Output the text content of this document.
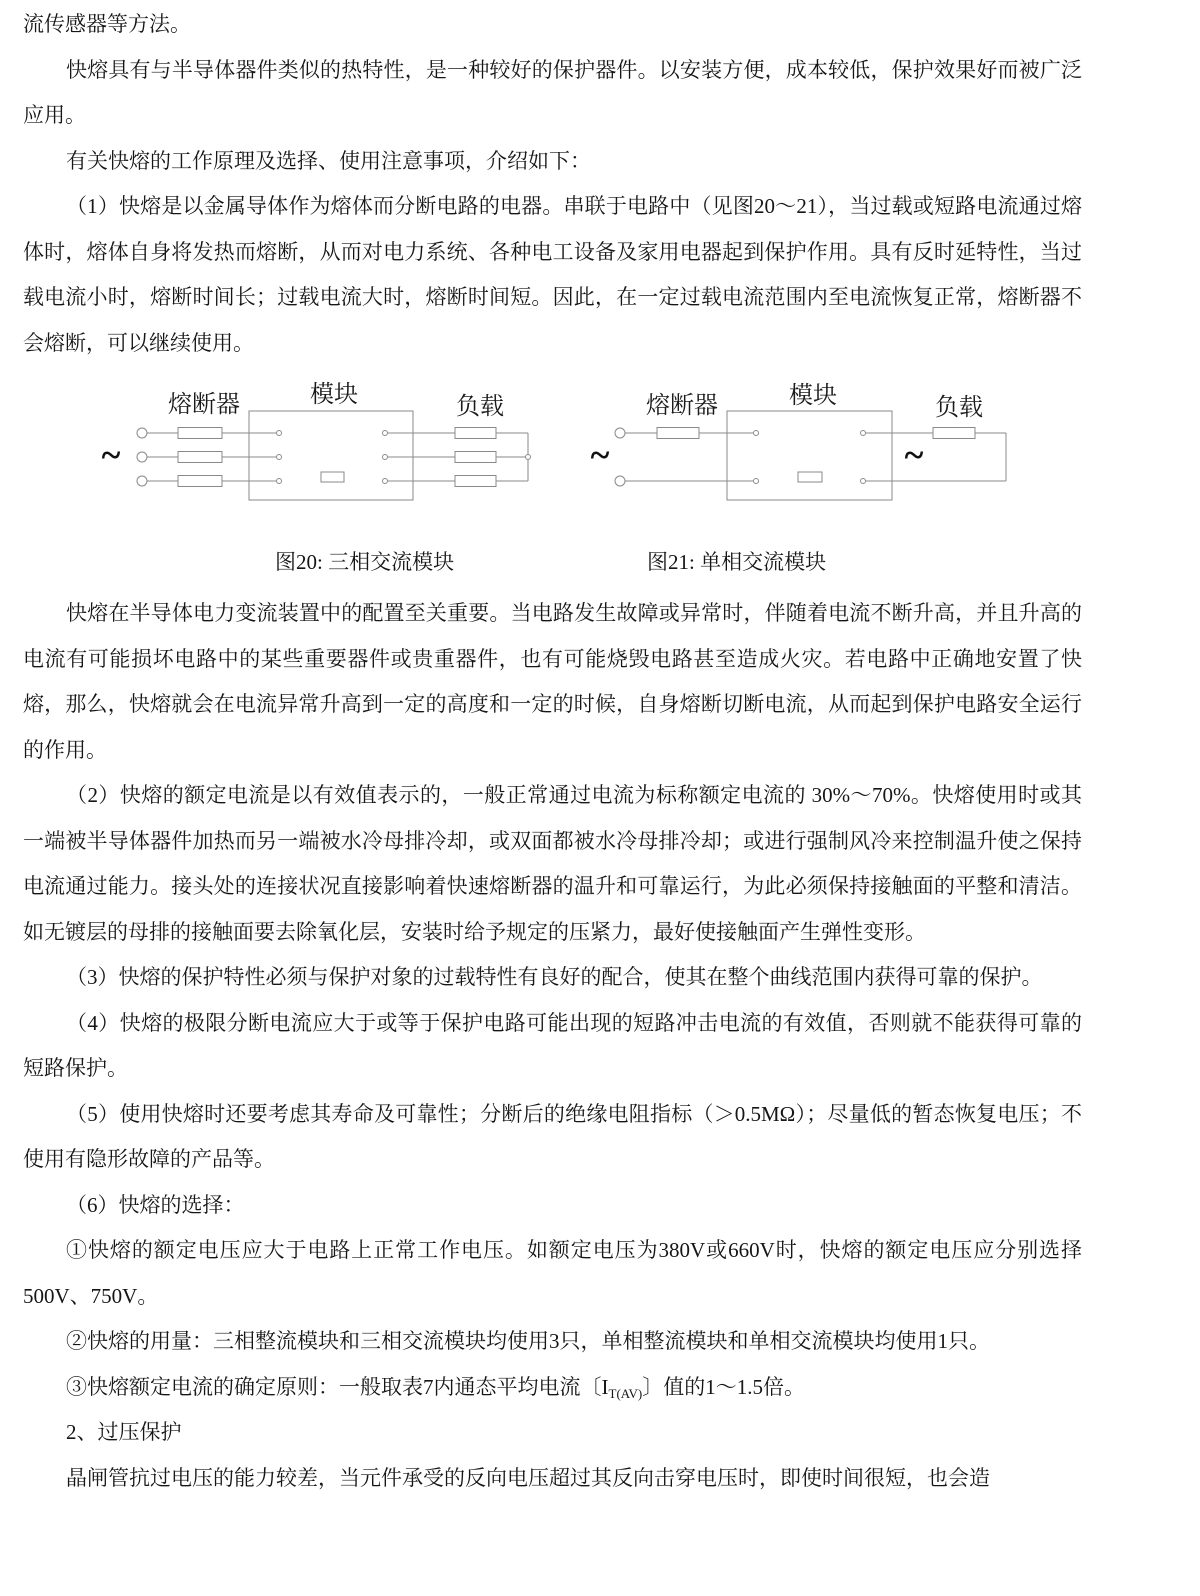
流传感器等方法。

快熔具有与半导体器件类似的热特性，是一种较好的保护器件。以安装方便，成本较低，保护效果好而被广泛应用。

有关快熔的工作原理及选择、使用注意事项，介绍如下：

（1）快熔是以金属导体作为熔体而分断电路的电器。串联于电路中（见图20～21），当过载或短路电流通过熔体时，熔体自身将发热而熔断，从而对电力系统、各种电工设备及家用电器起到保护作用。具有反时延特性，当过载电流小时，熔断时间长；过载电流大时，熔断时间短。因此，在一定过载电流范围内至电流恢复正常，熔断器不会熔断，可以继续使用。

~
熔断器	模块	负载
~	~
熔断器	模块	负载
图20: 三相交流模块	图21: 单相交流模块

快熔在半导体电力变流装置中的配置至关重要。当电路发生故障或异常时，伴随着电流不断升高，并且升高的电流有可能损坏电路中的某些重要器件或贵重器件，也有可能烧毁电路甚至造成火灾。若电路中正确地安置了快熔，那么，快熔就会在电流异常升高到一定的高度和一定的时候，自身熔断切断电流，从而起到保护电路安全运行的作用。

（2）快熔的额定电流是以有效值表示的，一般正常通过电流为标称额定电流的 30%～70%。快熔使用时或其一端被半导体器件加热而另一端被水冷母排冷却，或双面都被水冷母排冷却；或进行强制风冷来控制温升使之保持电流通过能力。接头处的连接状况直接影响着快速熔断器的温升和可靠运行，为此必须保持接触面的平整和清洁。如无镀层的母排的接触面要去除氧化层，安装时给予规定的压紧力，最好使接触面产生弹性变形。

（3）快熔的保护特性必须与保护对象的过载特性有良好的配合，使其在整个曲线范围内获得可靠的保护。

（4）快熔的极限分断电流应大于或等于保护电路可能出现的短路冲击电流的有效值，否则就不能获得可靠的短路保护。

（5）使用快熔时还要考虑其寿命及可靠性；分断后的绝缘电阻指标（＞0.5MΩ）；尽量低的暂态恢复电压；不使用有隐形故障的产品等。

（6）快熔的选择：

①快熔的额定电压应大于电路上正常工作电压。如额定电压为380V或660V时，快熔的额定电压应分别选择500V、750V。

②快熔的用量：三相整流模块和三相交流模块均使用3只，单相整流模块和单相交流模块均使用1只。

③快熔额定电流的确定原则：一般取表7内通态平均电流〔$I_{T(AV)}$〕值的1～1.5倍。

2、过压保护

晶闸管抗过电压的能力较差，当元件承受的反向电压超过其反向击穿电压时，即使时间很短，也会造
